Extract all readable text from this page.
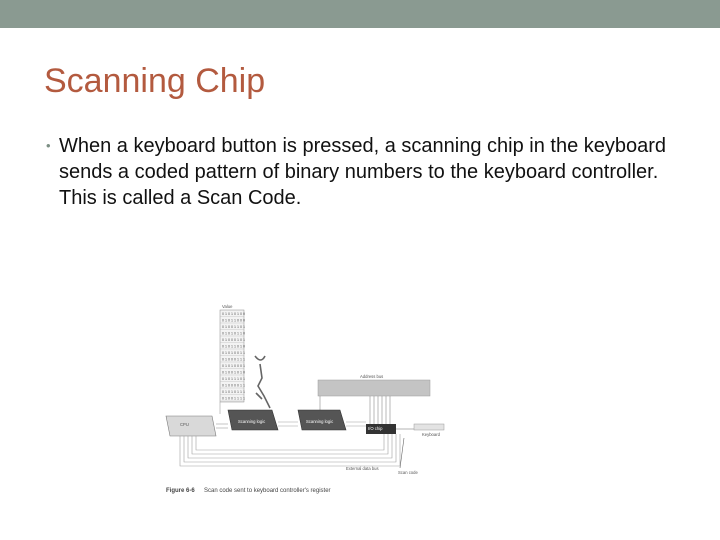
Scanning Chip
• When a keyboard button is pressed, a scanning chip in the keyboard sends a coded pattern of binary numbers to the keyboard controller. This is called a Scan Code.
Value
0 1 0 1 0 1 0 0
0 1 0 1 1 0 0 0
0 1 0 0 1 1 0 1
0 1 0 1 0 1 1 0
0 1 0 0 0 1 0 1
0 1 0 1 1 0 1 0
0 1 0 1 0 0 1 1
0 1 0 0 0 1 1 1
0 1 0 1 0 0 0 1
0 1 0 0 1 0 1 0
0 1 0 1 1 1 0 1
0 1 0 0 0 0 1 1
0 1 0 1 0 1 1 1
0 1 0 0 1 1 1 1
Address bus
CPU
Scanning logic	Scanning logic
I/O chip
Keyboard
External data bus
Scan code
Figure 6-6 Scan code sent to keyboard controller's register
